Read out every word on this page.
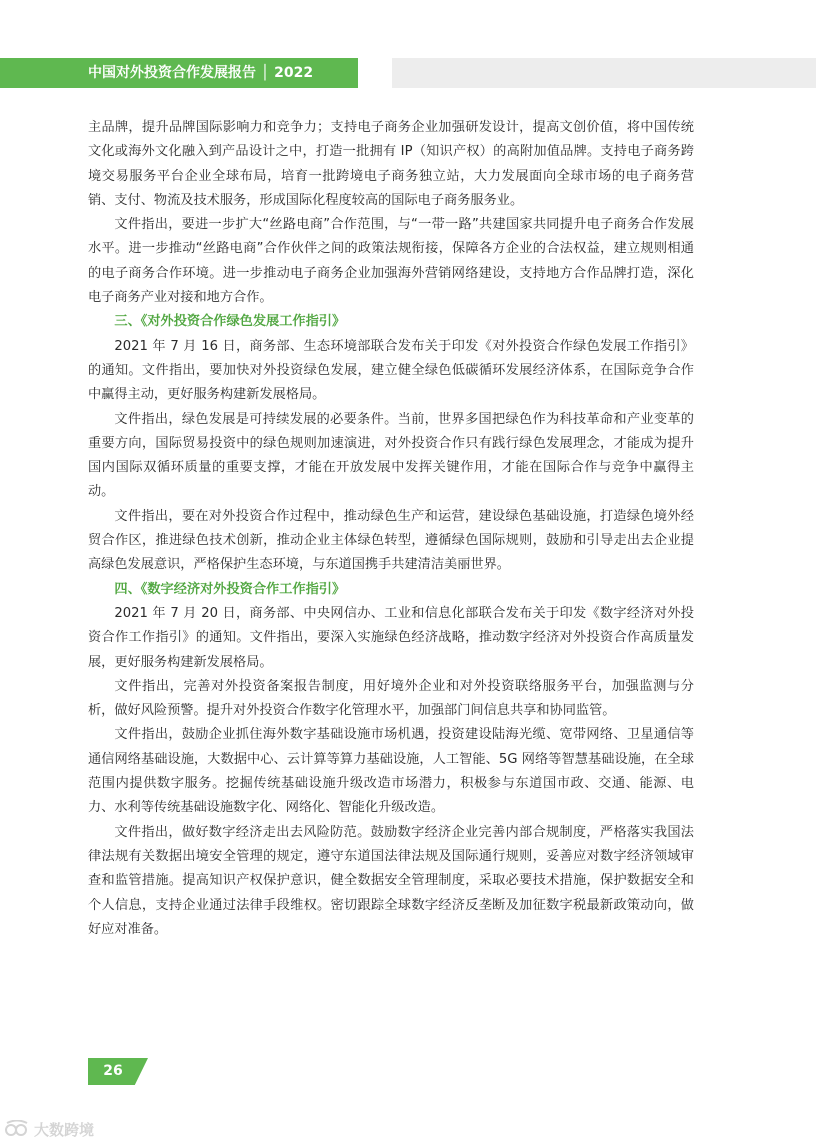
中国对外投资合作发展报告 │ 2022

主品牌，提升品牌国际影响力和竞争力；支持电子商务企业加强研发设计，提高文创价值，将中国传统文化或海外文化融入到产品设计之中，打造一批拥有 IP（知识产权）的高附加值品牌。支持电子商务跨境交易服务平台企业全球布局，培育一批跨境电子商务独立站，大力发展面向全球市场的电子商务营销、支付、物流及技术服务，形成国际化程度较高的国际电子商务服务业。

文件指出，要进一步扩大“丝路电商”合作范围，与“一带一路”共建国家共同提升电子商务合作发展水平。进一步推动“丝路电商”合作伙伴之间的政策法规衔接，保障各方企业的合法权益，建立规则相通的电子商务合作环境。进一步推动电子商务企业加强海外营销网络建设，支持地方合作品牌打造，深化电子商务产业对接和地方合作。

三、《对外投资合作绿色发展工作指引》

2021 年 7 月 16 日，商务部、生态环境部联合发布关于印发《对外投资合作绿色发展工作指引》的通知。文件指出，要加快对外投资绿色发展，建立健全绿色低碳循环发展经济体系，在国际竞争合作中赢得主动，更好服务构建新发展格局。

文件指出，绿色发展是可持续发展的必要条件。当前，世界多国把绿色作为科技革命和产业变革的重要方向，国际贸易投资中的绿色规则加速演进，对外投资合作只有践行绿色发展理念，才能成为提升国内国际双循环质量的重要支撑，才能在开放发展中发挥关键作用，才能在国际合作与竞争中赢得主动。

文件指出，要在对外投资合作过程中，推动绿色生产和运营，建设绿色基础设施，打造绿色境外经贸合作区，推进绿色技术创新，推动企业主体绿色转型，遵循绿色国际规则，鼓励和引导走出去企业提高绿色发展意识，严格保护生态环境，与东道国携手共建清洁美丽世界。

四、《数字经济对外投资合作工作指引》

2021 年 7 月 20 日，商务部、中央网信办、工业和信息化部联合发布关于印发《数字经济对外投资合作工作指引》的通知。文件指出，要深入实施绿色经济战略，推动数字经济对外投资合作高质量发展，更好服务构建新发展格局。

文件指出，完善对外投资备案报告制度，用好境外企业和对外投资联络服务平台，加强监测与分析，做好风险预警。提升对外投资合作数字化管理水平，加强部门间信息共享和协同监管。

文件指出，鼓励企业抓住海外数字基础设施市场机遇，投资建设陆海光缆、宽带网络、卫星通信等通信网络基础设施，大数据中心、云计算等算力基础设施，人工智能、5G 网络等智慧基础设施，在全球范围内提供数字服务。挖掘传统基础设施升级改造市场潜力，积极参与东道国市政、交通、能源、电力、水利等传统基础设施数字化、网络化、智能化升级改造。

文件指出，做好数字经济走出去风险防范。鼓励数字经济企业完善内部合规制度，严格落实我国法律法规有关数据出境安全管理的规定，遵守东道国法律法规及国际通行规则，妥善应对数字经济领域审查和监管措施。提高知识产权保护意识，健全数据安全管理制度，采取必要技术措施，保护数据安全和个人信息，支持企业通过法律手段维权。密切跟踪全球数字经济反垄断及加征数字税最新政策动向，做好应对准备。

26
大数跨境
